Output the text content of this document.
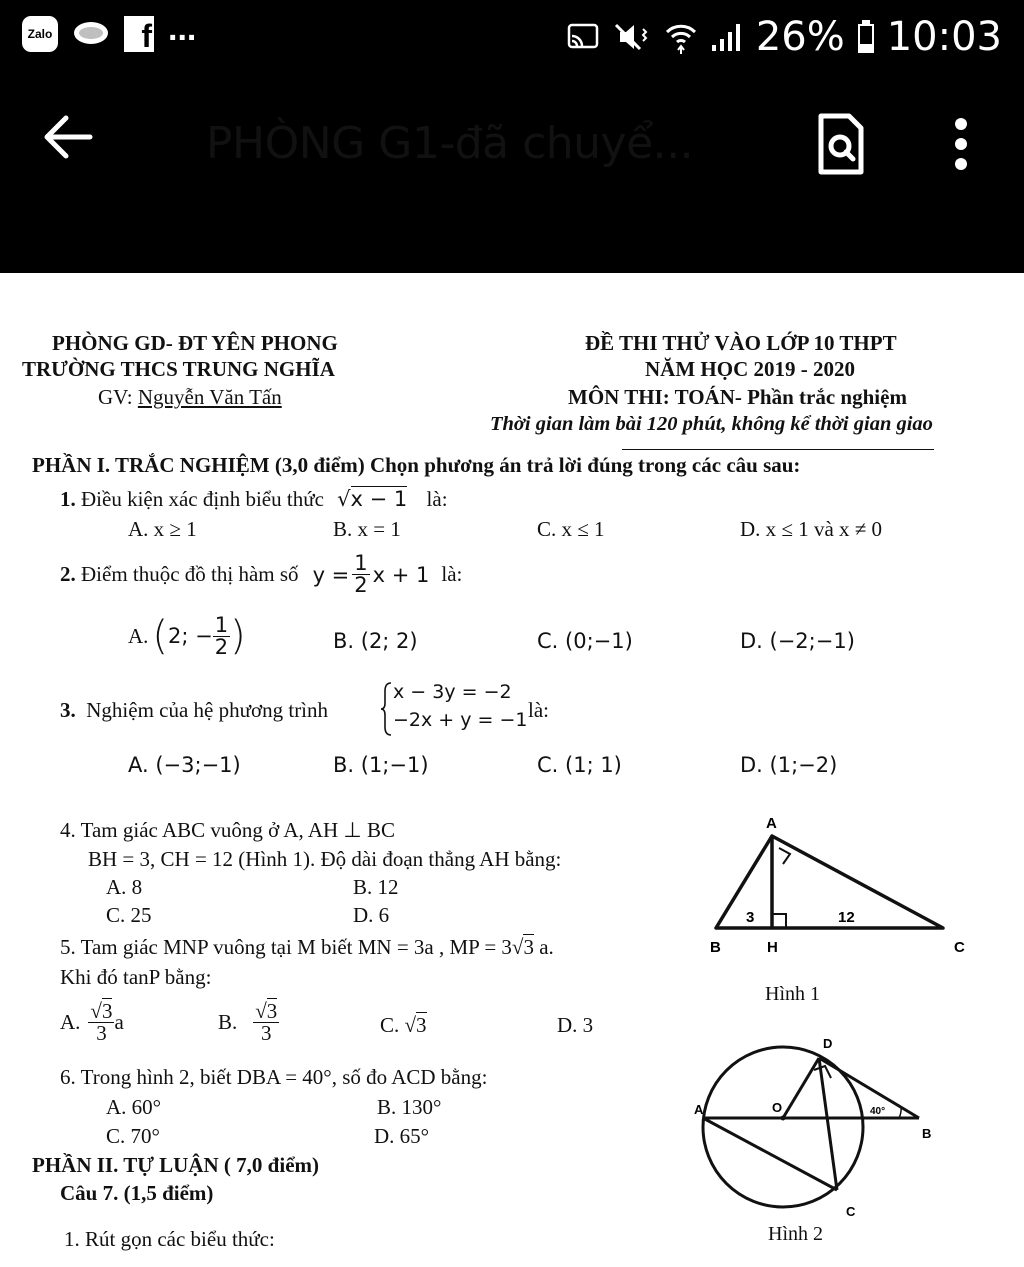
Zalo	f ...	26% 10:03
PHÒNG G1-đã chuyể...
PHÒNG GD- ĐT YÊN PHONG
TRƯỜNG THCS TRUNG NGHĨA
GV: Nguyễn Văn Tấn
ĐỀ THI THỬ VÀO LỚP 10 THPT
NĂM HỌC 2019 - 2020
MÔN THI: TOÁN- Phần trắc nghiệm
Thời gian làm bài 120 phút, không kể thời gian giao
PHẦN I. TRẮC NGHIỆM (3,0 điểm) Chọn phương án trả lời đúng trong các câu sau:
1. Điều kiện xác định biểu thức √x − 1 là:
A. x ≥ 1	B. x = 1	C. x ≤ 1	D. x ≤ 1 và x ≠ 0
2.
Điểm thuộc đồ thị hàm số $y = \frac{1}{2}$ x + 1 là:
A. ( 2; − $\frac{1}{2}$ )	B. (2; 2)	C. (0;−1)	D. (−2;−1)
3. Nghiệm của hệ phương trình
x − 3y = −2
−2x + y = −1 là:
A. (−3;−1)	B. (1;−1)	C. (1; 1)	D. (1;−2)
4. Tam giác ABC vuông ở A, AH ⊥ BC
BH = 3, CH = 12 (Hình 1). Độ dài đoạn thẳng AH bằng:
A. 8	B. 12
C. 25	D. 6
5. Tam giác MNP vuông tại M biết MN = 3a , MP = 3√3 a.
Khi đó tanP bằng:
A. $\frac{√3}{3}$ a	B. $\frac{√3}{3}$	C. √3	D. 3
6. Trong hình 2, biết DBA = 40°, số đo ACD bằng:
A. 60°	B. 130°
C. 70°	D. 65°
PHẦN II. TỰ LUẬN ( 7,0 điểm)
Câu 7. (1,5 điểm)
1. Rút gọn các biểu thức:
A
B	H	C
3	12
Hình 1
D
A	O
B
C
40°
Hình 2
